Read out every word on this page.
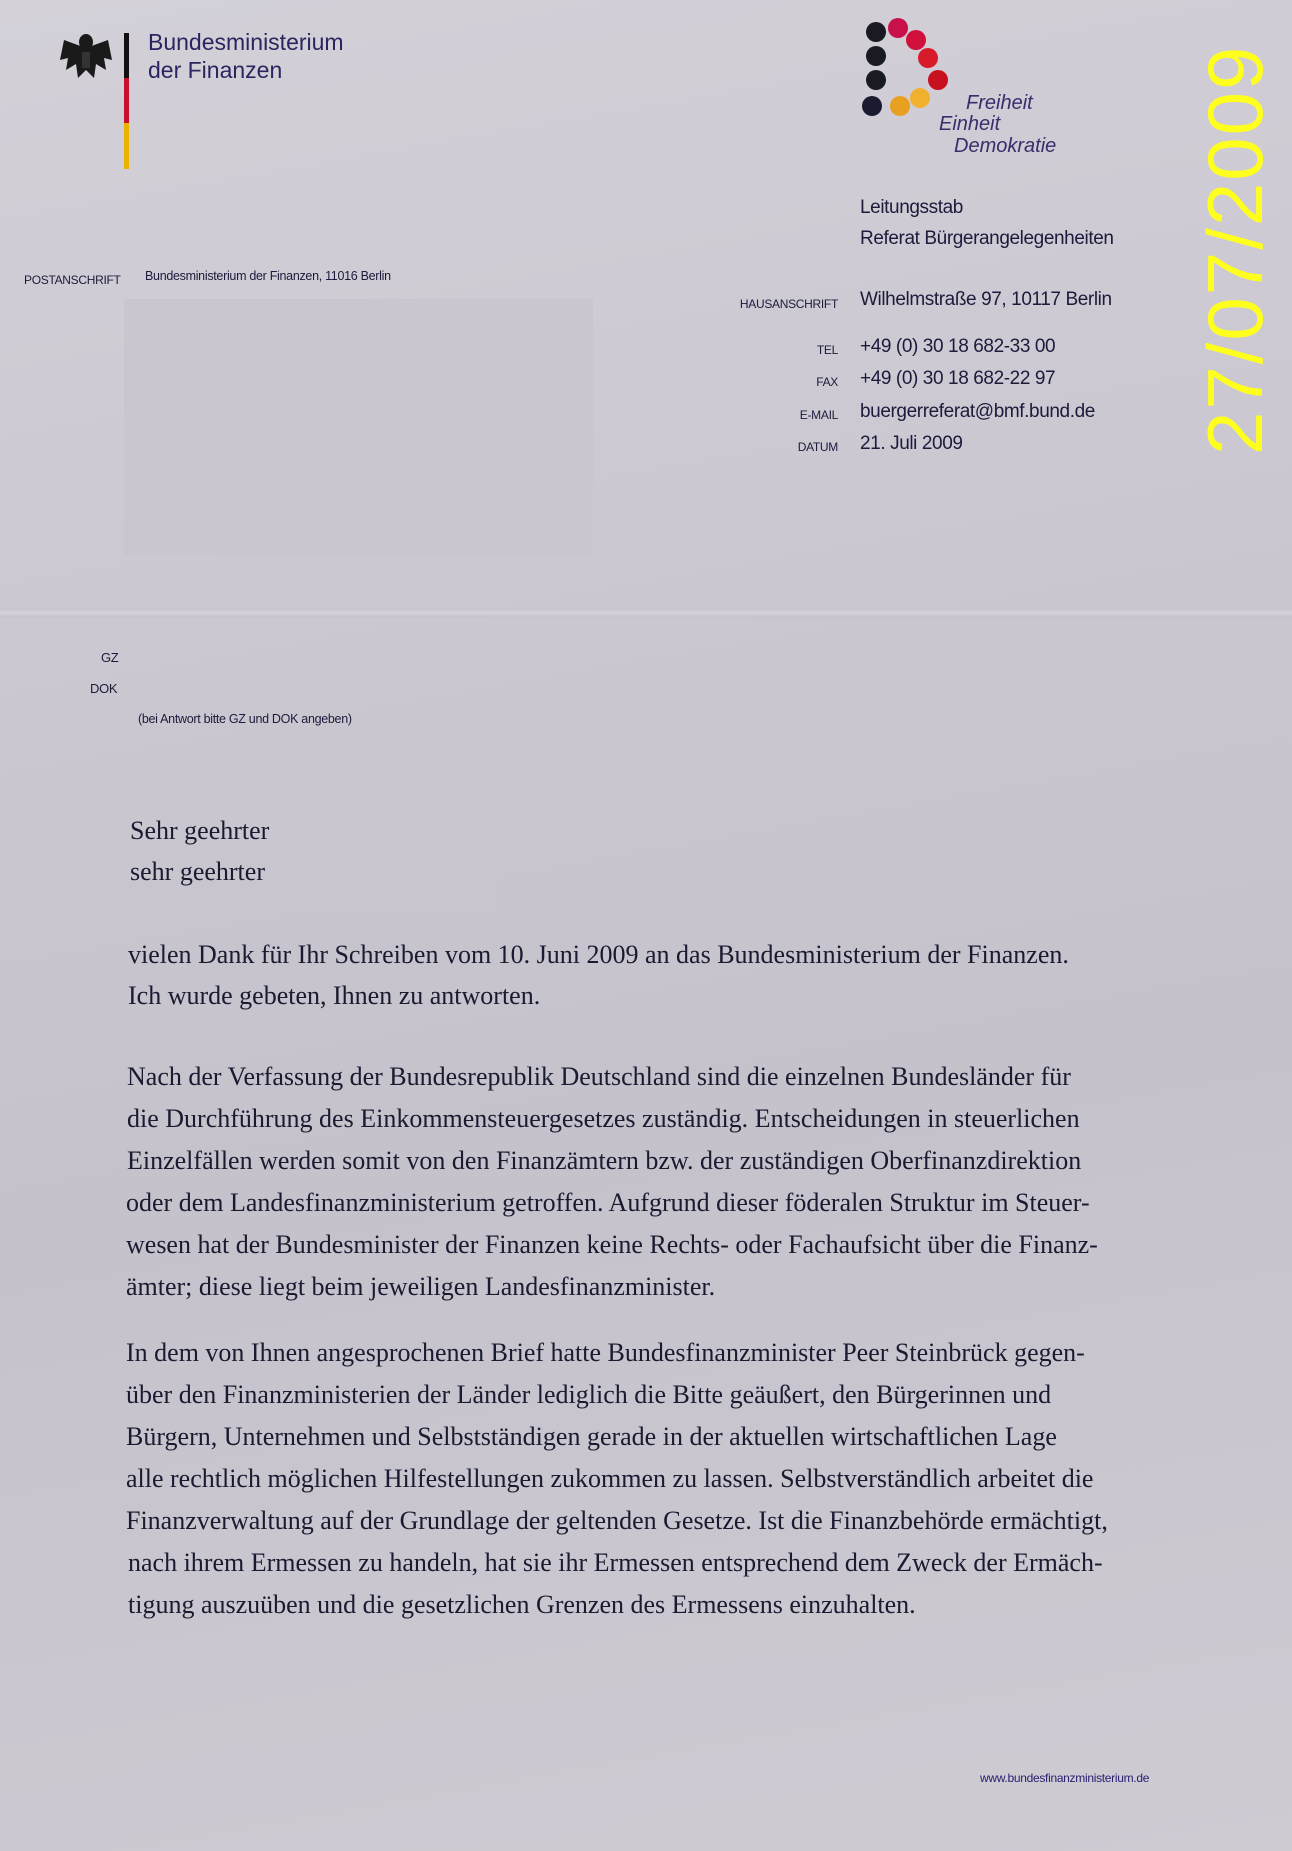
Bundesministerium
der Finanzen
Freiheit
Einheit
Demokratie
Leitungsstab
Referat Bürgerangelegenheiten
POSTANSCHRIFT Bundesministerium der Finanzen, 11016 Berlin
HAUSANSCHRIFT Wilhelmstraße 97, 10117 Berlin
TEL +49 (0) 30 18 682-33 00
FAX +49 (0) 30 18 682-22 97
E-MAIL buergerreferat@bmf.bund.de
DATUM 21. Juli 2009	27/07/2009
GZ
DOK
(bei Antwort bitte GZ und DOK angeben)
Sehr geehrter
sehr geehrter
vielen Dank für Ihr Schreiben vom 10. Juni 2009 an das Bundesministerium der Finanzen.
Ich wurde gebeten, Ihnen zu antworten.
Nach der Verfassung der Bundesrepublik Deutschland sind die einzelnen Bundesländer für
die Durchführung des Einkommensteuergesetzes zuständig. Entscheidungen in steuerlichen
Einzelfällen werden somit von den Finanzämtern bzw. der zuständigen Oberfinanzdirektion
oder dem Landesfinanzministerium getroffen. Aufgrund dieser föderalen Struktur im Steuer-
wesen hat der Bundesminister der Finanzen keine Rechts- oder Fachaufsicht über die Finanz-
ämter; diese liegt beim jeweiligen Landesfinanzminister.
In dem von Ihnen angesprochenen Brief hatte Bundesfinanzminister Peer Steinbrück gegen-
über den Finanzministerien der Länder lediglich die Bitte geäußert, den Bürgerinnen und
Bürgern, Unternehmen und Selbstständigen gerade in der aktuellen wirtschaftlichen Lage
alle rechtlich möglichen Hilfestellungen zukommen zu lassen. Selbstverständlich arbeitet die
Finanzverwaltung auf der Grundlage der geltenden Gesetze. Ist die Finanzbehörde ermächtigt,
nach ihrem Ermessen zu handeln, hat sie ihr Ermessen entsprechend dem Zweck der Ermäch-
tigung auszuüben und die gesetzlichen Grenzen des Ermessens einzuhalten.
www.bundesfinanzministerium.de
